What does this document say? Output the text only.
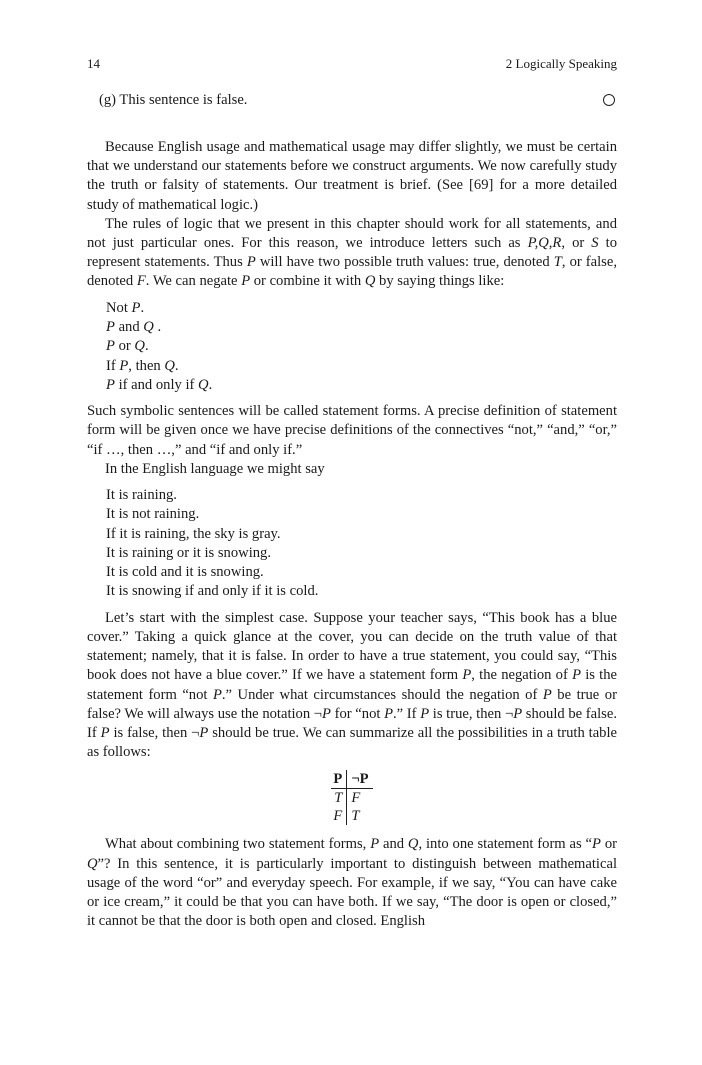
14	2 Logically Speaking
(g) This sentence is false.

Because English usage and mathematical usage may differ slightly, we must be certain that we understand our statements before we construct arguments. We now carefully study the truth or falsity of statements. Our treatment is brief. (See [69] for a more detailed study of mathematical logic.)

The rules of logic that we present in this chapter should work for all statements, and not just particular ones. For this reason, we introduce letters such as P,Q,R, or S to represent statements. Thus P will have two possible truth values: true, denoted T, or false, denoted F. We can negate P or combine it with Q by saying things like:

Not P.
P and Q .
P or Q.
If P, then Q.
P if and only if Q.

Such symbolic sentences will be called statement forms. A precise definition of statement form will be given once we have precise definitions of the connectives “not,” “and,” “or,” “if …, then …,” and “if and only if.”

In the English language we might say

It is raining.
It is not raining.
If it is raining, the sky is gray.
It is raining or it is snowing.
It is cold and it is snowing.
It is snowing if and only if it is cold.

Let’s start with the simplest case. Suppose your teacher says, “This book has a blue cover.” Taking a quick glance at the cover, you can decide on the truth value of that statement; namely, that it is false. In order to have a true statement, you could say, “This book does not have a blue cover.” If we have a statement form P, the negation of P is the statement form “not P.” Under what circumstances should the negation of P be true or false? We will always use the notation ¬P for “not P.” If P is true, then ¬P should be false. If P is false, then ¬P should be true. We can summarize all the possibilities in a truth table as follows:

P	¬P
T	F
F	T

What about combining two statement forms, P and Q, into one statement form as “P or Q”? In this sentence, it is particularly important to distinguish between mathematical usage of the word “or” and everyday speech. For example, if we say, “You can have cake or ice cream,” it could be that you can have both. If we say, “The door is open or closed,” it cannot be that the door is both open and closed. English
